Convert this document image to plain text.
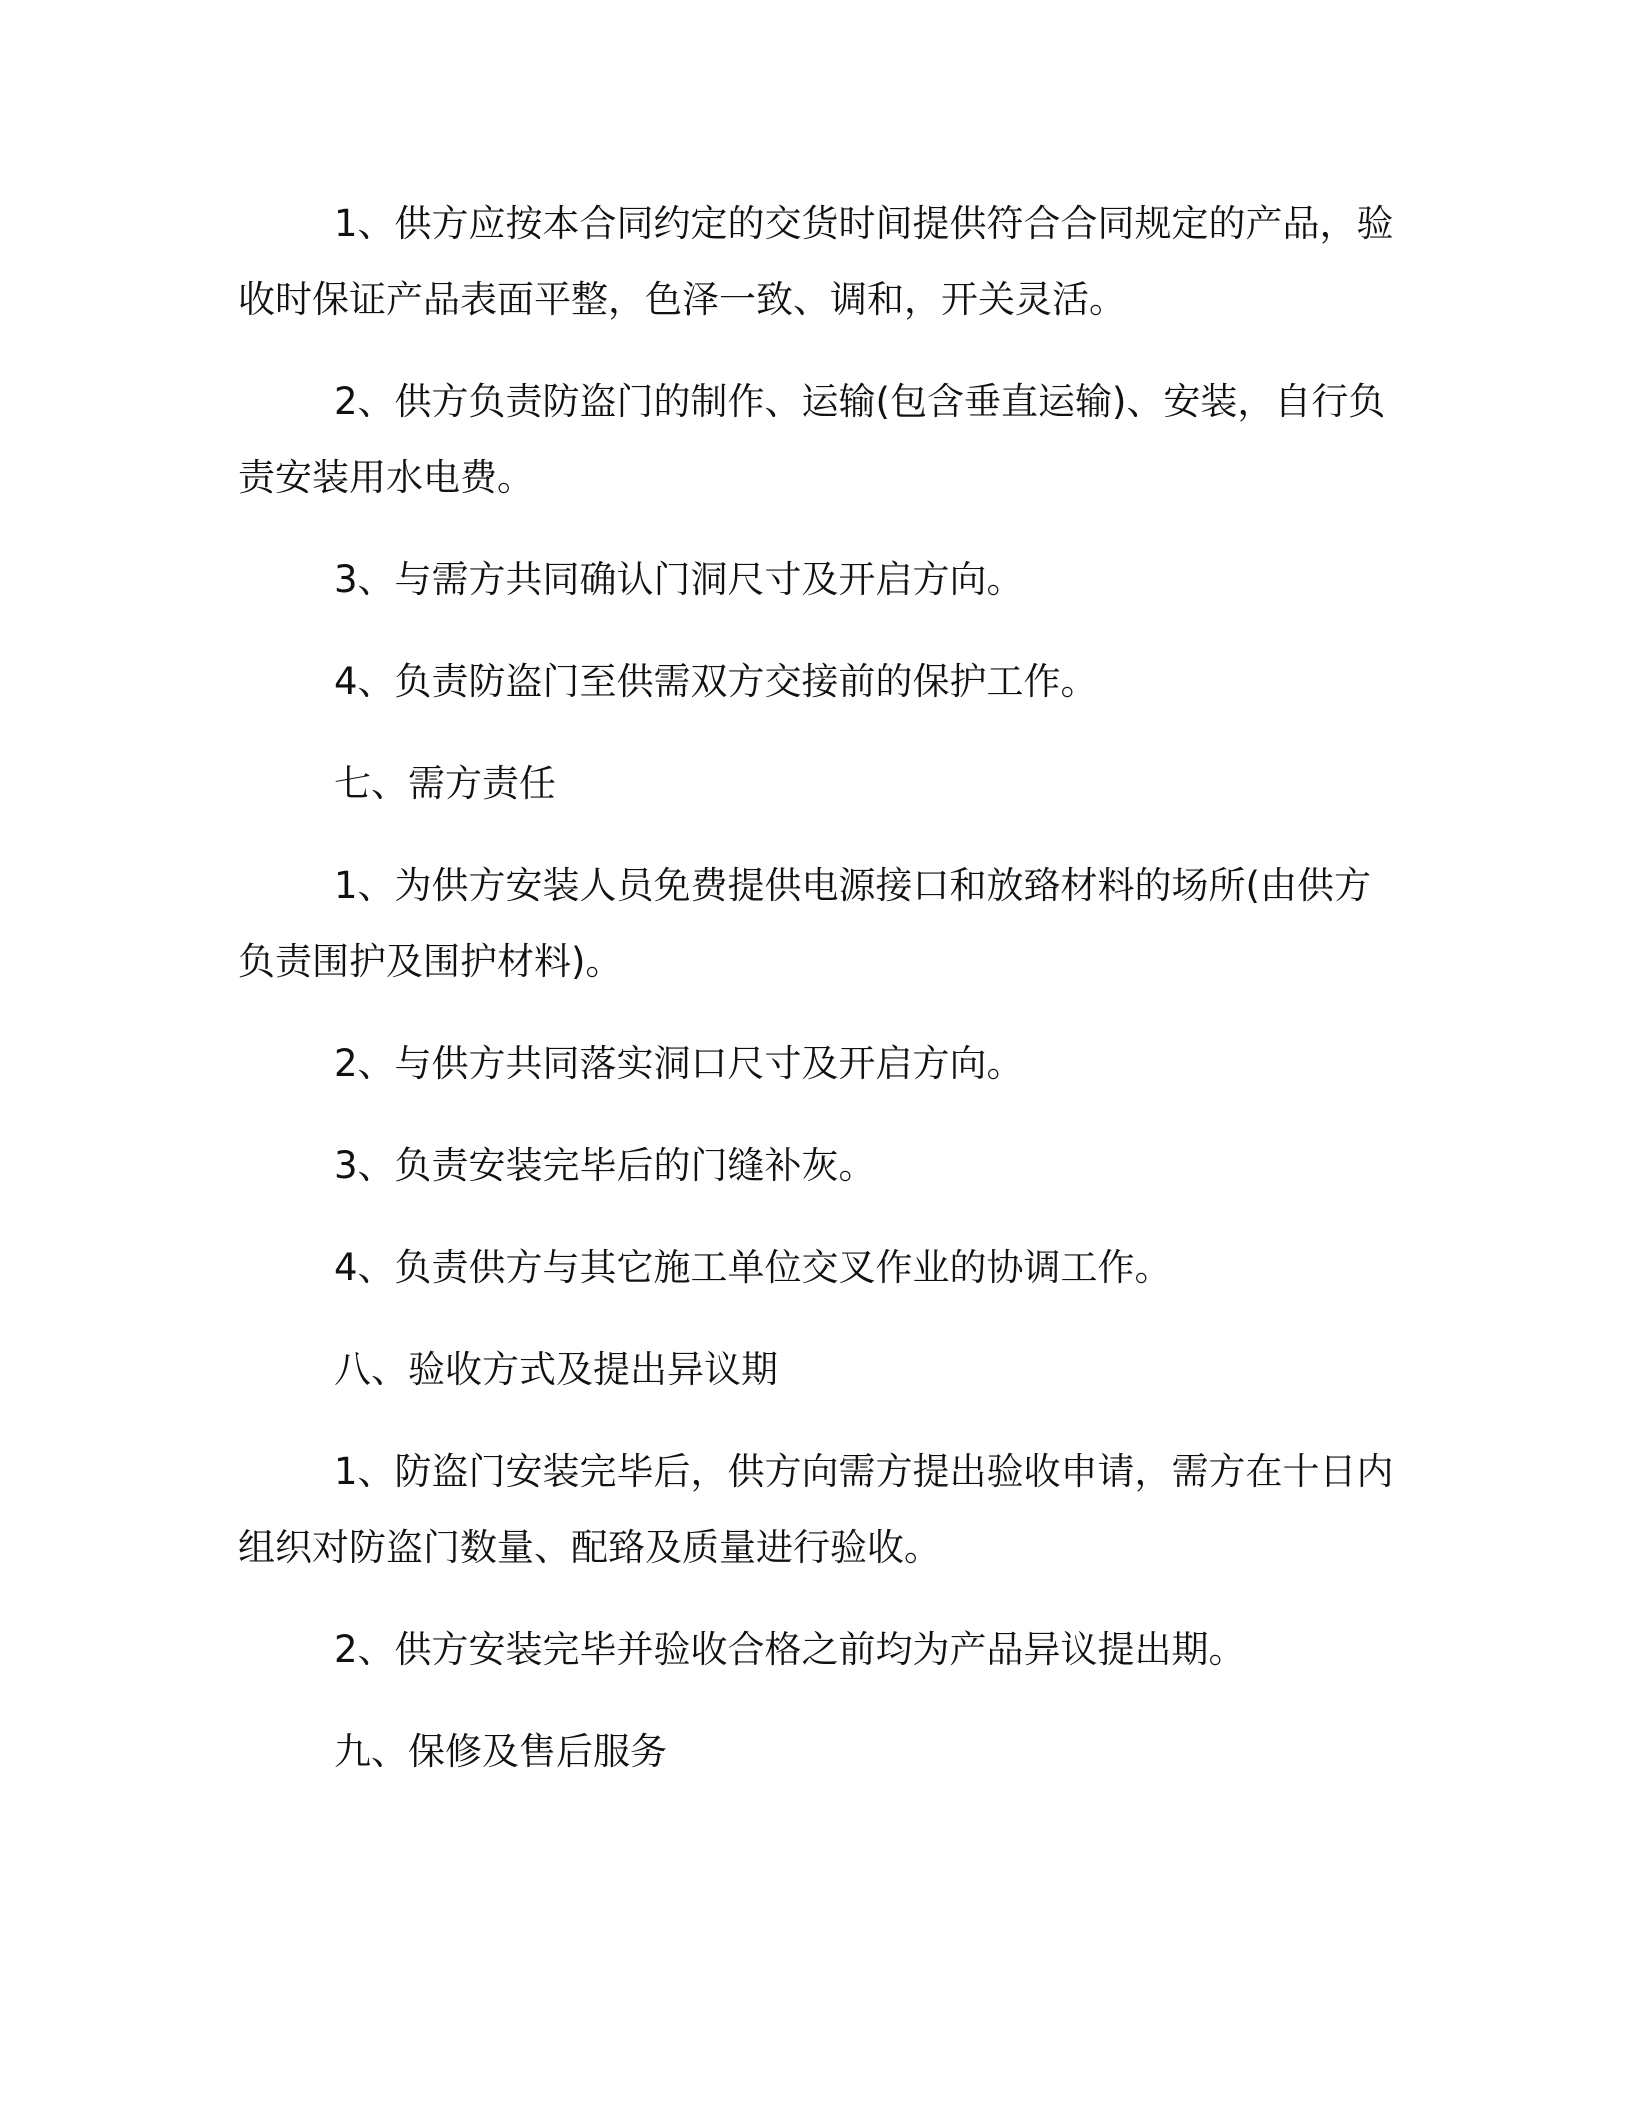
1、供方应按本合同约定的交货时间提供符合合同规定的产品，验收时保证产品表面平整，色泽一致、调和，开关灵活。

2、供方负责防盗门的制作、运输(包含垂直运输)、安装，自行负责安装用水电费。

3、与需方共同确认门洞尺寸及开启方向。

4、负责防盗门至供需双方交接前的保护工作。

七、需方责任

1、为供方安装人员免费提供电源接口和放臵材料的场所(由供方负责围护及围护材料)。

2、与供方共同落实洞口尺寸及开启方向。

3、负责安装完毕后的门缝补灰。

4、负责供方与其它施工单位交叉作业的协调工作。

八、验收方式及提出异议期

1、防盗门安装完毕后，供方向需方提出验收申请，需方在十日内组织对防盗门数量、配臵及质量进行验收。

2、供方安装完毕并验收合格之前均为产品异议提出期。

九、保修及售后服务
